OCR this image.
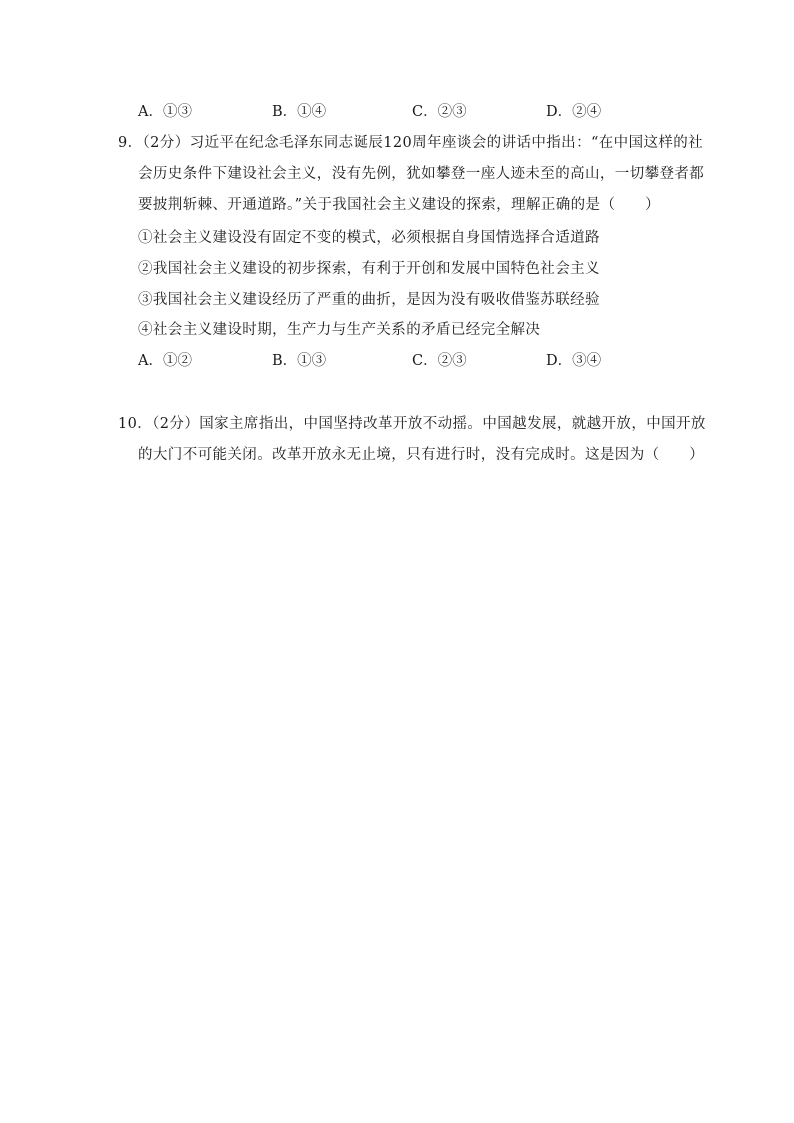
A．①③	B．①④	C．②③	D．②④
9．（2分）习近平在纪念毛泽东同志诞辰120周年座谈会的讲话中指出：“在中国这样的社
会历史条件下建设社会主义，没有先例，犹如攀登一座人迹未至的高山，一切攀登者都
要披荆斩棘、开通道路。”关于我国社会主义建设的探索，理解正确的是（　　）
①社会主义建设没有固定不变的模式，必须根据自身国情选择合适道路
②我国社会主义建设的初步探索，有利于开创和发展中国特色社会主义
③我国社会主义建设经历了严重的曲折，是因为没有吸收借鉴苏联经验
④社会主义建设时期，生产力与生产关系的矛盾已经完全解决
A．①②	B．①③	C．②③	D．③④
10．（2分）国家主席指出，中国坚持改革开放不动摇。中国越发展，就越开放，中国开放
的大门不可能关闭。改革开放永无止境，只有进行时，没有完成时。这是因为（　　）
